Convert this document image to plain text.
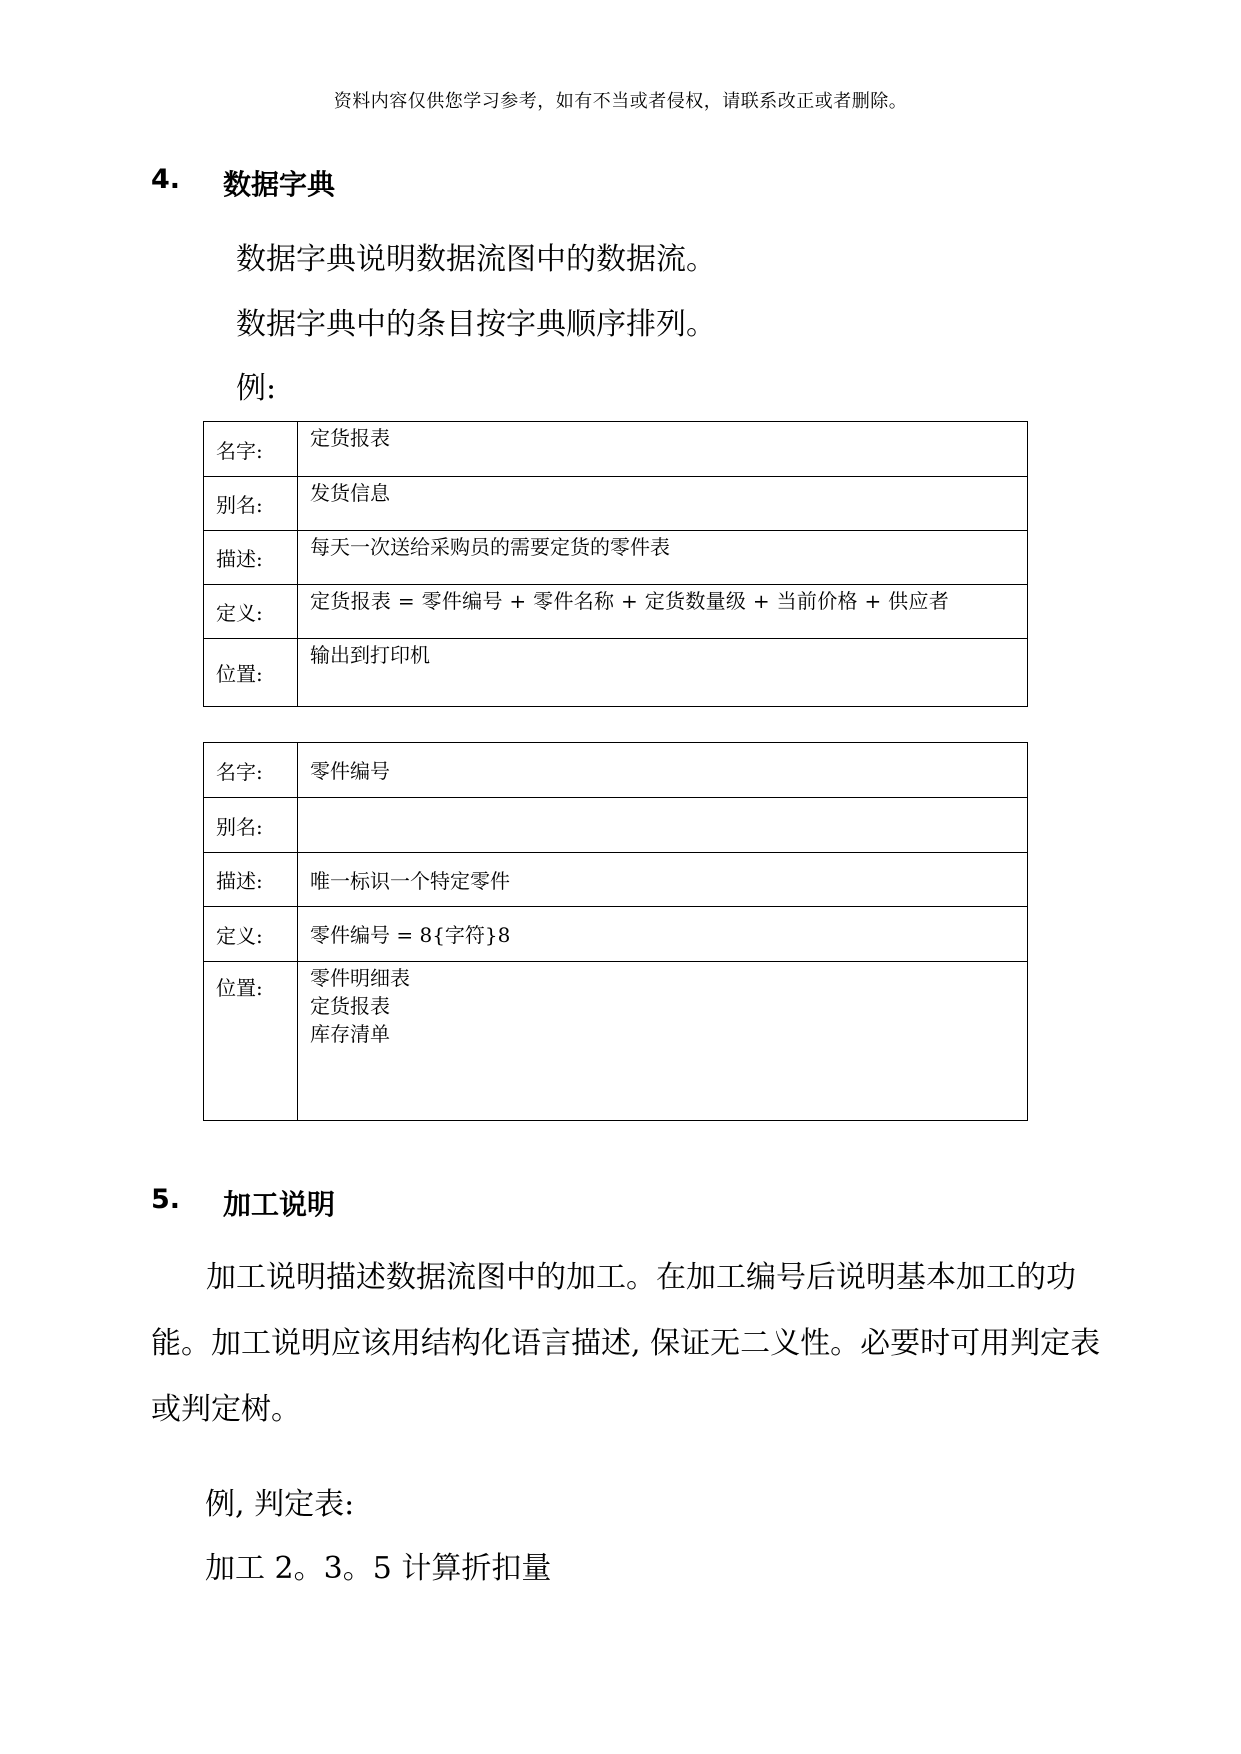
资料内容仅供您学习参考，如有不当或者侵权，请联系改正或者删除。
4. 数据字典
数据字典说明数据流图中的数据流。
数据字典中的条目按字典顺序排列。
例:
名字:	定货报表
别名:	发货信息
描述:	每天一次送给采购员的需要定货的零件表
定义:	定货报表 = 零件编号 + 零件名称 + 定货数量级 + 当前价格 + 供应者
位置:	输出到打印机
名字:	零件编号
别名:	
描述:	唯一标识一个特定零件
定义:	零件编号 = 8{字符}8
位置:	零件明细表
定货报表
库存清单
5. 加工说明
加工说明描述数据流图中的加工。在加工编号后说明基本加工的功能。加工说明应该用结构化语言描述, 保证无二义性。必要时可用判定表或判定树。
例, 判定表:
加工 2。3。5 计算折扣量
